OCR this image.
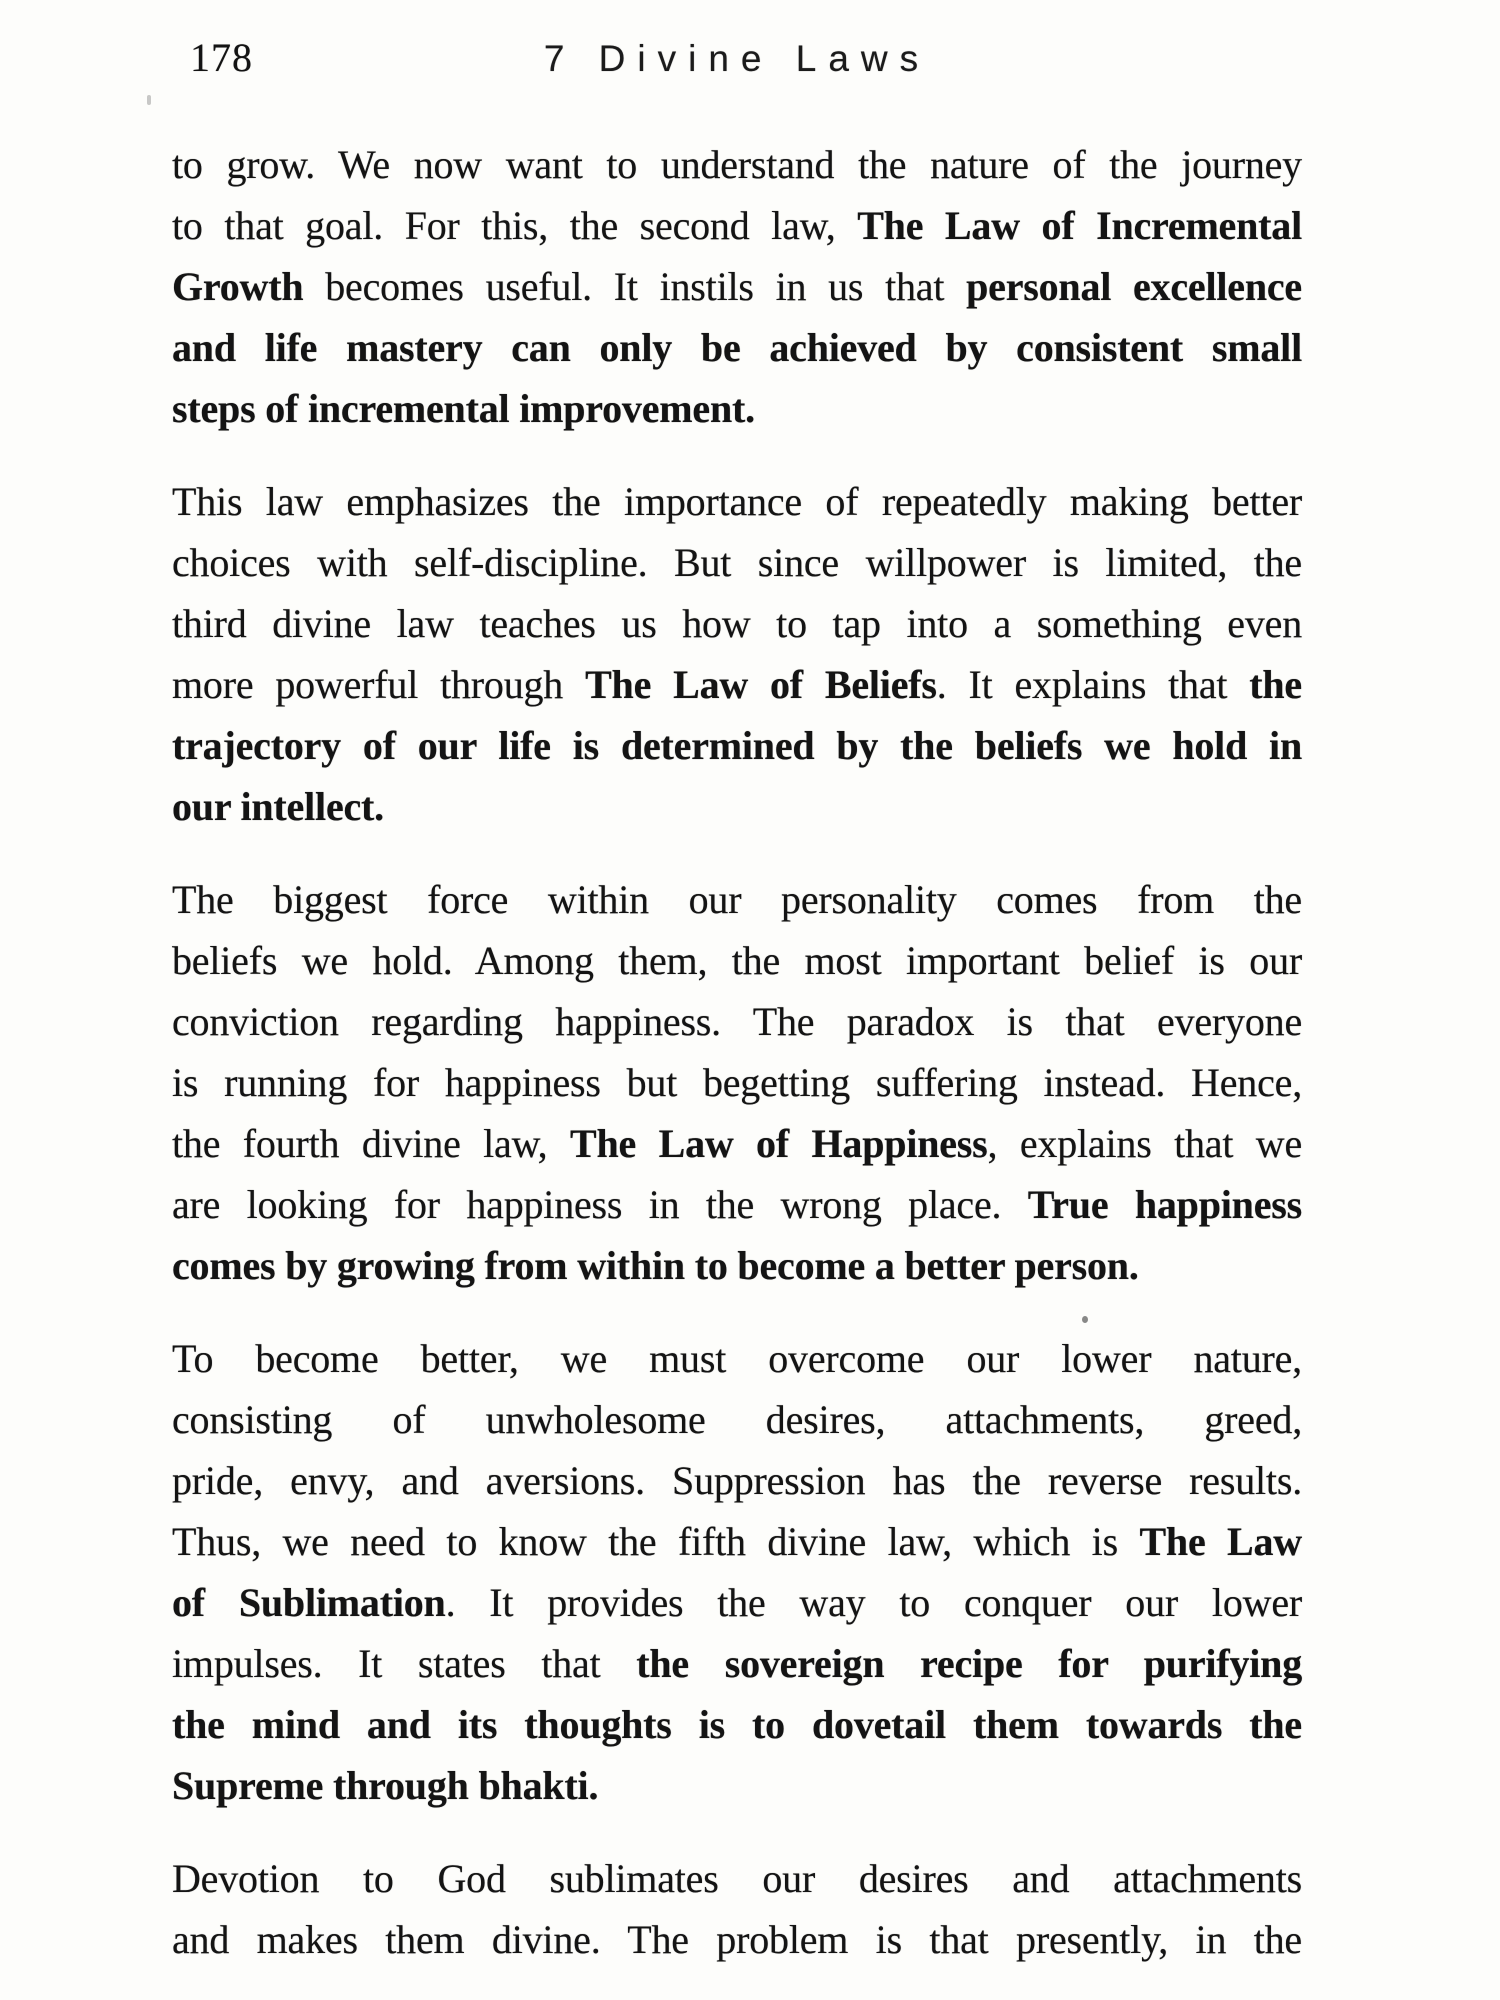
178	7 Divine Laws
to grow. We now want to understand the nature of the journey
to that goal. For this, the second law, The Law of Incremental
Growth becomes useful. It instils in us that personal excellence
and life mastery can only be achieved by consistent small
steps of incremental improvement.
This law emphasizes the importance of repeatedly making better
choices with self-discipline. But since willpower is limited, the
third divine law teaches us how to tap into a something even
more powerful through The Law of Beliefs. It explains that the
trajectory of our life is determined by the beliefs we hold in
our intellect.
The biggest force within our personality comes from the
beliefs we hold. Among them, the most important belief is our
conviction regarding happiness. The paradox is that everyone
is running for happiness but begetting suffering instead. Hence,
the fourth divine law, The Law of Happiness, explains that we
are looking for happiness in the wrong place. True happiness
comes by growing from within to become a better person.
To become better, we must overcome our lower nature,
consisting of unwholesome desires, attachments, greed,
pride, envy, and aversions. Suppression has the reverse results.
Thus, we need to know the fifth divine law, which is The Law
of Sublimation. It provides the way to conquer our lower
impulses. It states that the sovereign recipe for purifying
the mind and its thoughts is to dovetail them towards the
Supreme through bhakti.
Devotion to God sublimates our desires and attachments
and makes them divine. The problem is that presently, in the
